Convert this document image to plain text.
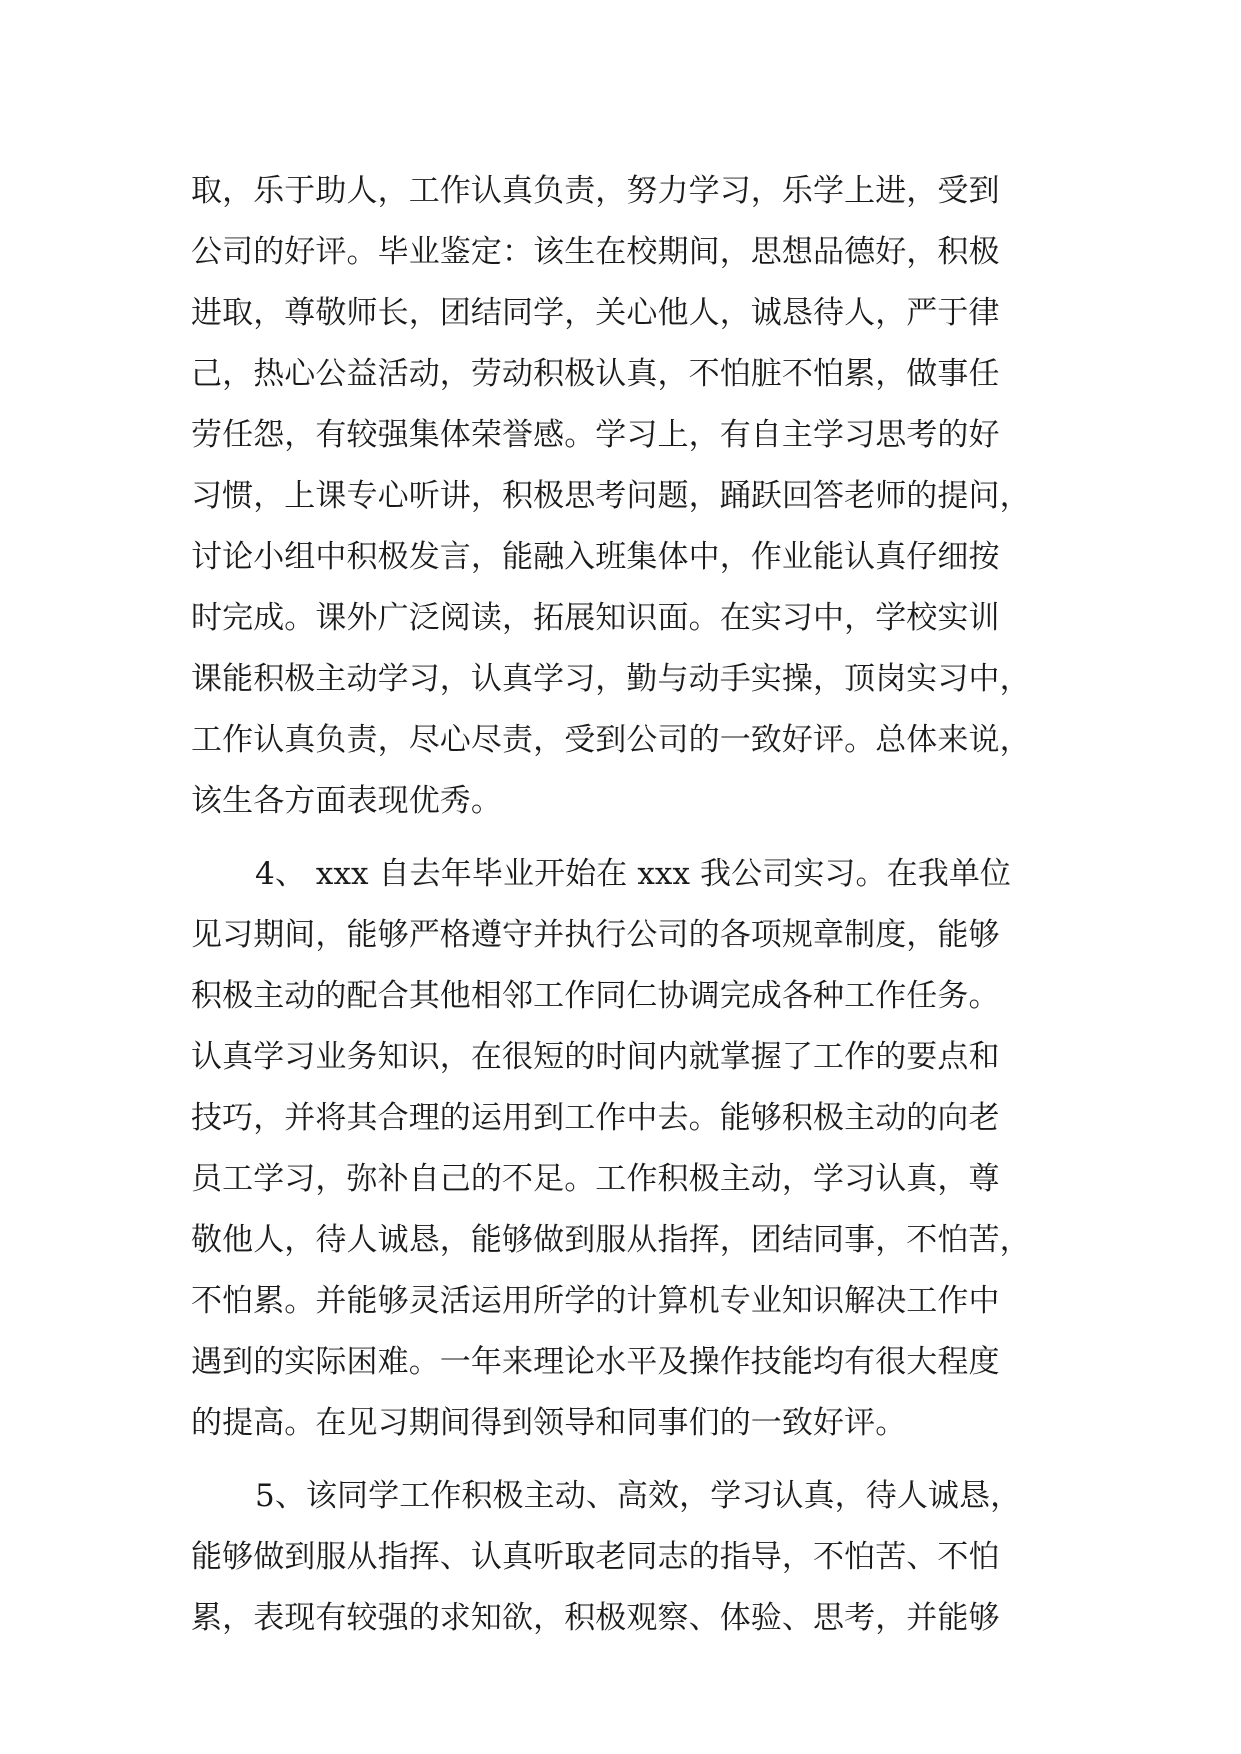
取，乐于助人，工作认真负责，努力学习，乐学上进，受到
公司的好评。毕业鉴定：该生在校期间，思想品德好，积极
进取，尊敬师长，团结同学，关心他人，诚恳待人，严于律
己，热心公益活动，劳动积极认真，不怕脏不怕累，做事任
劳任怨，有较强集体荣誉感。学习上，有自主学习思考的好
习惯，上课专心听讲，积极思考问题，踊跃回答老师的提问，
讨论小组中积极发言，能融入班集体中，作业能认真仔细按
时完成。课外广泛阅读，拓展知识面。在实习中，学校实训
课能积极主动学习，认真学习，勤与动手实操，顶岗实习中，
工作认真负责，尽心尽责，受到公司的一致好评。总体来说，
该生各方面表现优秀。
4、 xxx 自去年毕业开始在 xxx 我公司实习。在我单位
见习期间，能够严格遵守并执行公司的各项规章制度，能够
积极主动的配合其他相邻工作同仁协调完成各种工作任务。
认真学习业务知识，在很短的时间内就掌握了工作的要点和
技巧，并将其合理的运用到工作中去。能够积极主动的向老
员工学习，弥补自己的不足。工作积极主动，学习认真，尊
敬他人，待人诚恳，能够做到服从指挥，团结同事，不怕苦，
不怕累。并能够灵活运用所学的计算机专业知识解决工作中
遇到的实际困难。一年来理论水平及操作技能均有很大程度
的提高。在见习期间得到领导和同事们的一致好评。
5、该同学工作积极主动、高效，学习认真，待人诚恳，
能够做到服从指挥、认真听取老同志的指导，不怕苦、不怕
累，表现有较强的求知欲，积极观察、体验、思考，并能够
